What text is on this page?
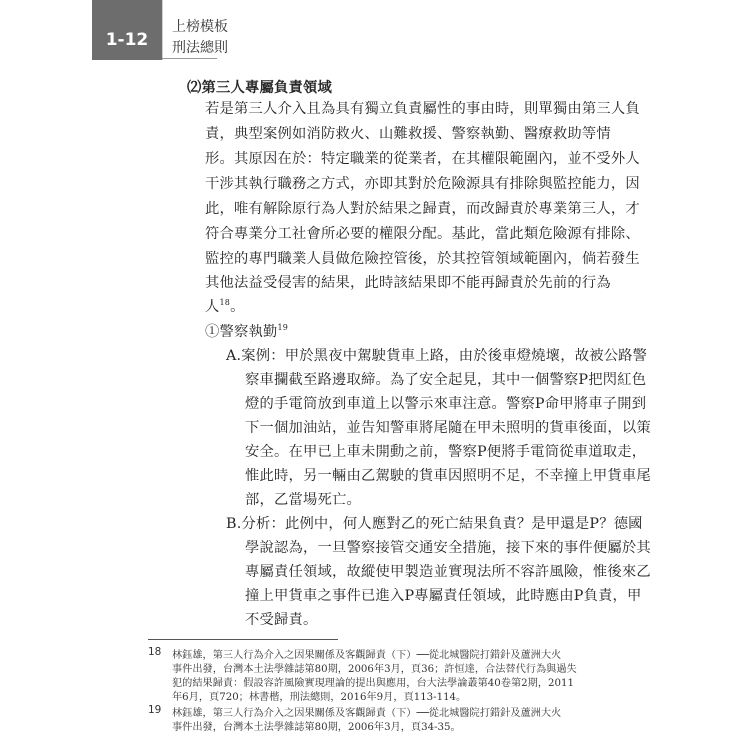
1-12
上榜模板
刑法總則
⑵第三人專屬負責領域
若是第三人介入且為具有獨立負責屬性的事由時，則單獨由第三人負
責，典型案例如消防救火、山難救援、警察執勤、醫療救助等情
形。其原因在於：特定職業的從業者，在其權限範圍內，並不受外人
干涉其執行職務之方式，亦即其對於危險源具有排除與監控能力，因
此，唯有解除原行為人對於結果之歸責，而改歸責於專業第三人，才
符合專業分工社會所必要的權限分配。基此，當此類危險源有排除、
監控的專門職業人員做危險控管後，於其控管領域範圍內，倘若發生
其他法益受侵害的結果，此時該結果即不能再歸責於先前的行為
人$^{18}$。
①警察執勤$^{19}$
A.案例：甲於黑夜中駕駛貨車上路，由於後車燈燒壞，故被公路警
察車攔截至路邊取締。為了安全起見，其中一個警察P把閃紅色
燈的手電筒放到車道上以警示來車注意。警察P命甲將車子開到
下一個加油站，並告知警車將尾隨在甲未照明的貨車後面，以策
安全。在甲已上車未開動之前，警察P便將手電筒從車道取走，
惟此時，另一輛由乙駕駛的貨車因照明不足，不幸撞上甲貨車尾
部，乙當場死亡。
B.分析：此例中，何人應對乙的死亡結果負責？是甲還是P？德國
學說認為，一旦警察接管交通安全措施，接下來的事件便屬於其
專屬責任領域，故縱使甲製造並實現法所不容許風險，惟後來乙
撞上甲貨車之事件已進入P專屬責任領域，此時應由P負責，甲
不受歸責。
18 林鈺雄，第三人行為介入之因果關係及客觀歸責（下）──從北城醫院打錯針及蘆洲大火
事件出發，台灣本土法學雜誌第80期，2006年3月，頁36；許恒達，合法替代行為與過失
犯的結果歸責：假設容許風險實現理論的提出與應用，台大法學論叢第40卷第2期，2011
年6月，頁720；林書楷，刑法總則，2016年9月，頁113-114。
19 林鈺雄，第三人行為介入之因果關係及客觀歸責（下）──從北城醫院打錯針及蘆洲大火
事件出發，台灣本土法學雜誌第80期，2006年3月，頁34-35。
